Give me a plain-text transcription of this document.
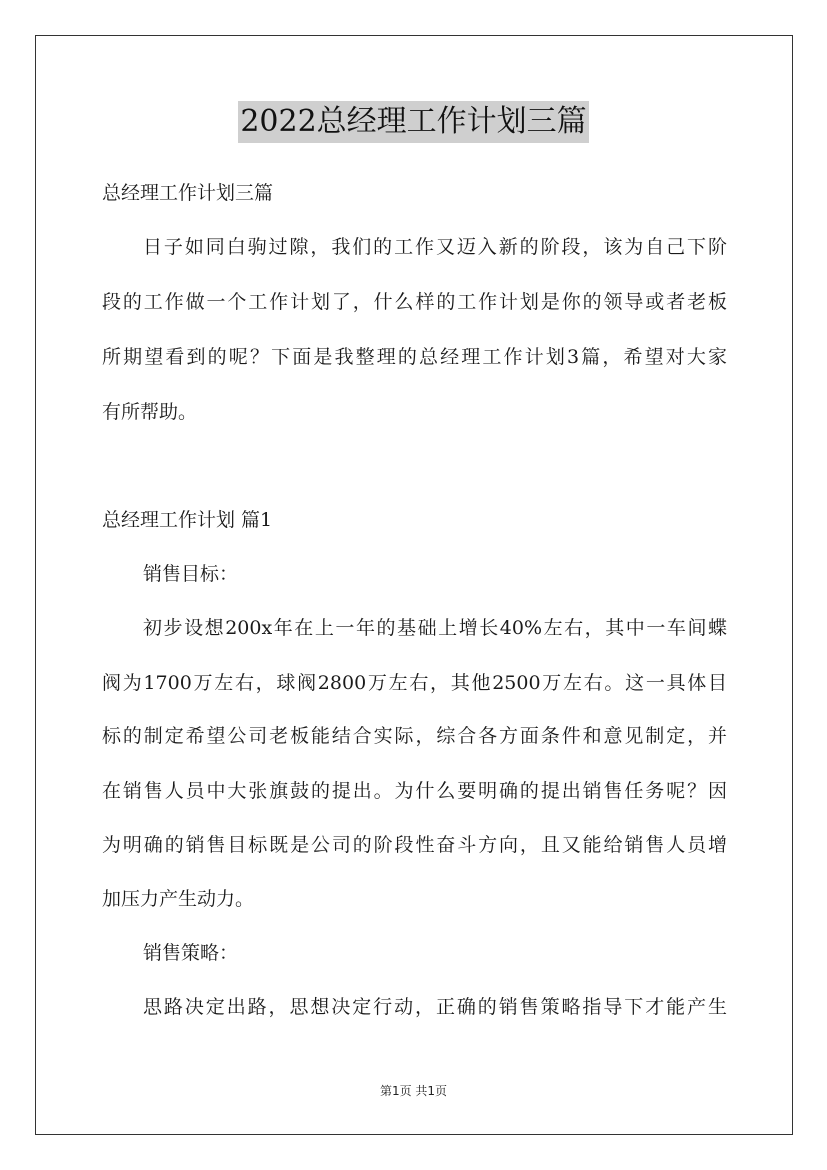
2022总经理工作计划三篇
总经理工作计划三篇
日子如同白驹过隙，我们的工作又迈入新的阶段，该为自己下阶
段的工作做一个工作计划了，什么样的工作计划是你的领导或者老板
所期望看到的呢？下面是我整理的总经理工作计划3篇，希望对大家
有所帮助。
总经理工作计划 篇1
销售目标：
初步设想200x年在上一年的基础上增长40%左右，其中一车间蝶
阀为1700万左右，球阀2800万左右，其他2500万左右。这一具体目
标的制定希望公司老板能结合实际，综合各方面条件和意见制定，并
在销售人员中大张旗鼓的提出。为什么要明确的提出销售任务呢？因
为明确的销售目标既是公司的阶段性奋斗方向，且又能给销售人员增
加压力产生动力。
销售策略：
思路决定出路，思想决定行动，正确的销售策略指导下才能产生
第1页 共1页
